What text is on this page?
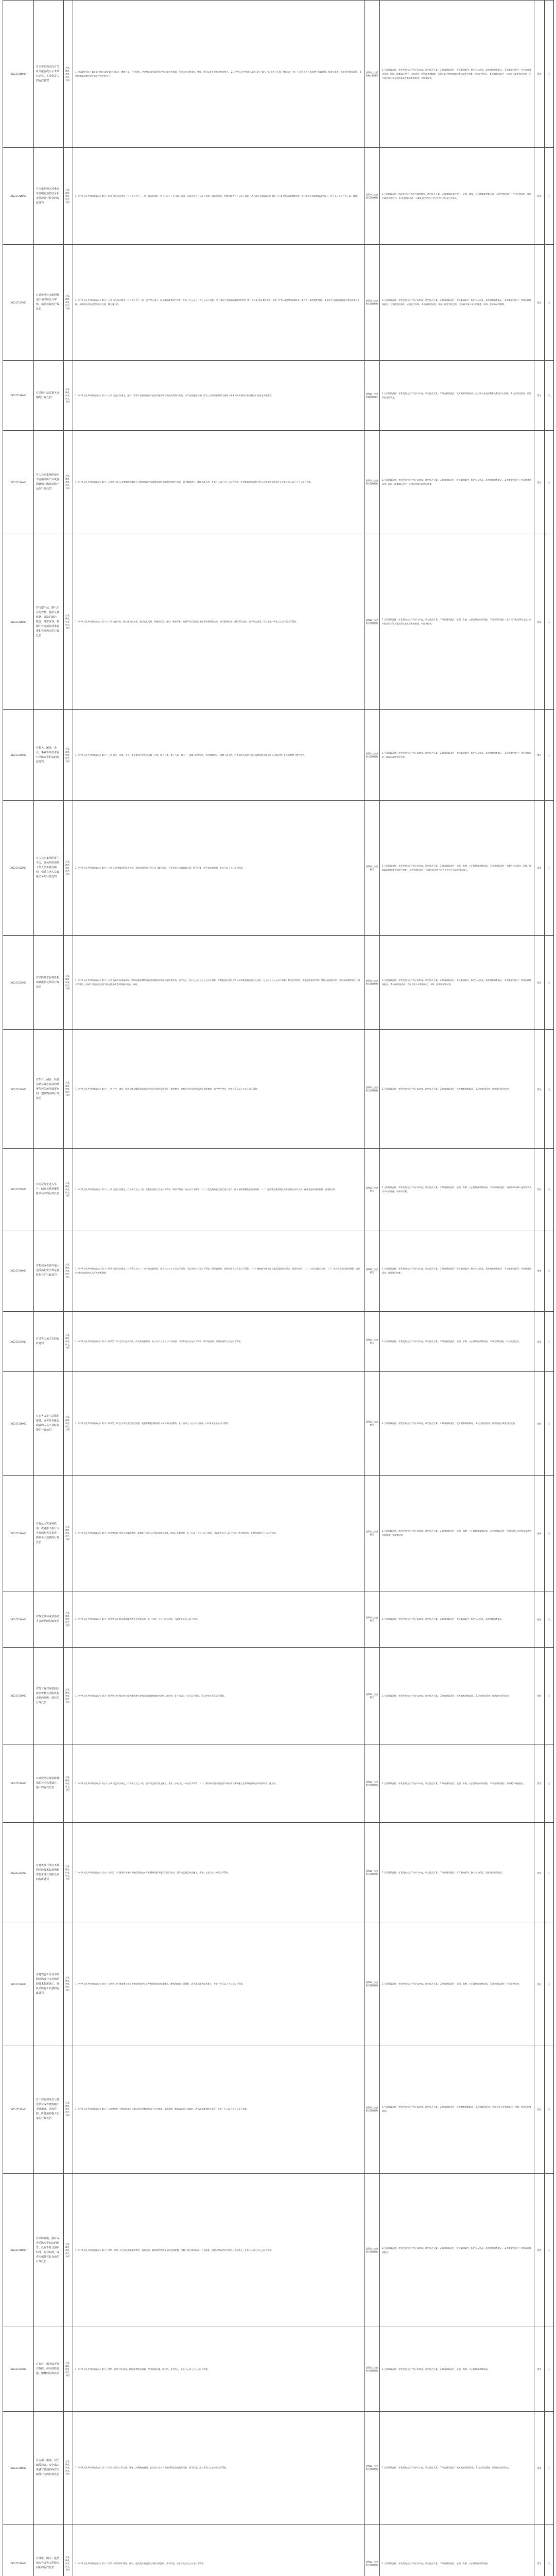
330217215000	对未按照规定向有关机关报告或公示本单位名称、主要负责人的行政处罚	立案、调查、审查、决定、执行	1.《行政处罚法》第五条 实施行政处罚应当依法，遵循公正、公开原则。设定和实施行政处罚必须以事实为依据，与违法行为的事实、性质、情节以及社会危害程度相当。 2.《中华人民共和国行政许可法》第八十条 被许可人有下列行为之一的，行政机关应当依法给予行政处罚；构成犯罪的，依法追究刑事责任。 3.其他违反法律法规规章文件规定的行为。	县级以上人民政府主管部门	1.立案阶段责任：对发现的违法行为予以审查，决定是否立案。 2.调查阶段责任：对立案的案件，指定专人负责，及时组织调查取证。 3.审查阶段责任：应对案件违法事实、证据、调查取证程序、法律适用、处罚种类和幅度、当事人陈述和申辩理由等方面进行审查，提出处理意见。 4.告知阶段责任：在作出行政处罚决定前，应书面告知当事人违法事实及其享有的陈述、申辩等权利。	罚款	无
330217216000	对未依照规定对重点单位履行消防安全职责情况进行检查的行政处罚	立案、调查、审查、决定、执行	1.《中华人民共和国消防法》第六十四条 违反本法规定，有下列行为之一，尚不构成犯罪的，处十日以上十五日以下拘留，可以并处五百元以下罚款；情节较轻的，处警告或者五百元以下罚款。 2.《浙江省消防条例》第五十二条 违反本条例规定的，由公安机关消防机构责令改正，处五千元以上五万元以下罚款。	县级以上公安机关消防机构	1.立案阶段责任：依法对违法行为进行调查核实，决定是否立案。 2.调查取证阶段责任：全面、客观、公正地调查收集证据。 3.决定阶段责任：作出处理决定，制作行政处罚决定书。 4.送达阶段责任：行政处罚决定书应当在宣告后当场交付当事人。	罚款	无
330217217000	对建设单位未依照规定申请消防设计审核、消防验收的行政处罚	立案、调查、审查、决定、执行	1.《中华人民共和国消防法》第五十八条 违反本法规定，有下列行为之一的，责令停止施工、停止使用或者停产停业，并处三万元以上三十万元以下罚款。 2.《建设工程消防监督管理规定》第三十九条 违反本规定的，依照《中华人民共和国消防法》第五十八条的规定处罚。 3.依法应当进行消防设计审核的建设工程，未经依法审核或者审核不合格，擅自施工的。	县级以上公安机关消防机构	1.立案阶段责任：对发现的违法行为予以审查，决定是否立案。 2.调查阶段责任：对立案的案件，指定专人负责，及时组织调查取证。 3.审查阶段责任：审查案件调查报告，对案件违法事实、证据进行审核。 4.告知阶段责任：作出行政处罚决定前，应告知当事人享有的陈述、申辩、要求听证等权利。	罚款	无
330217218000	对消防产品质量不合格的行政处罚	立案、调查、审查、决定、执行	1.《中华人民共和国消防法》第六十五条 违反本法规定，生产、销售不合格的消防产品或者国家明令淘汰的消防产品的，由产品质量监督部门或者工商行政管理部门依照《中华人民共和国产品质量法》的规定从重处罚。	县级以上产品质量监督部门	1.立案阶段责任：对发现的违法行为予以审查，决定是否立案。 2.调查阶段责任：及时组织调查取证，与当事人有直接利害关系的应当回避。 3.决定阶段责任：依法作出处罚决定。	罚款	无
330217219000	对人员密集场所使用不合格消防产品或者国家明令淘汰消防产品的行政处罚	立案、调查、审查、决定、执行	1.《中华人民共和国消防法》第六十五条第二款 人员密集场所使用不合格的消防产品或者国家明令淘汰的消防产品的，责令限期改正；逾期不改正的，处五千元以上五万元以下罚款，并对其直接负责的主管人员和其他直接责任人员处五百元以上二千元以下罚款。	县级以上公安机关消防机构	1.立案阶段责任：对发现的违法行为予以审查，决定是否立案。 2.调查阶段责任：对立案的案件，指定专人负责，及时组织调查取证。 3.审查阶段责任：对案件违法事实、证据、调查取证程序、法律适用等方面进行审查。	罚款	无
330217220000	对电器产品、燃气用具的安装、使用及其线路、管路的设计、敷设、维护保养、检测不符合消防技术标准和管理规定的行政处罚	立案、调查、审查、决定、执行	1.《中华人民共和国消防法》第六十六条 电器产品、燃气用具的安装、使用及其线路、管路的设计、敷设、维护保养、检测不符合消防技术标准和管理规定的，责令限期改正；逾期不改正的，责令停止使用，可以并处一千元以上五千元以下罚款。	县级以上公安机关消防机构	1.立案阶段责任：对发现的违法行为予以审查，决定是否立案。 2.调查阶段责任：全面、客观、公正地调查收集证据。 3.告知阶段责任：在作出行政处罚决定前，应书面告知当事人违法事实及其享有的陈述、申辩等权利。	罚款	无
330217221000	对机关、团体、企业、事业等单位未履行消防安全职责的行政处罚	立案、调查、审查、决定、执行	1.《中华人民共和国消防法》第六十七条 机关、团体、企业、事业等单位违反本法第十六条、第十七条、第十八条、第二十一条第二款规定的，责令限期改正；逾期不改正的，对其直接负责的主管人员和其他直接责任人员依法给予处分或者给予警告处罚。	县级以上公安机关消防机构	1.立案阶段责任：对发现的违法行为予以审查，决定是否立案。 2.调查阶段责任：对立案的案件，指定专人负责，及时组织调查取证。 3.决定阶段责任：作出处理决定，制作行政处罚决定书。	警告	无
330217222000	对人员密集场所发生火灾，该场所的现场工作人员不履行组织、引导在场人员疏散义务的行政处罚	立案、调查、审查、决定、执行	1.《中华人民共和国消防法》第六十八条 人员密集场所发生火灾，该场所的现场工作人员不履行组织、引导在场人员疏散的义务，情节严重，尚不构成犯罪的，处五日以上十日以下拘留。	县级以上公安机关	1.立案阶段责任：对发现的违法行为予以审查，决定是否立案。 2.调查阶段责任：全面、客观、公正地调查收集证据。 3.审查阶段责任：对案件违法事实、证据、调查取证程序等方面进行审查。 4.送达阶段责任：行政处罚决定书应当在宣告后当场交付当事人。	拘留	无
330217223000	对消防技术服务机构出具虚假文件的行政处罚	立案、调查、审查、决定、执行	1.《中华人民共和国消防法》第六十九条 消防产品质量认证、消防设施检测等消防技术服务机构出具虚假文件的，责令改正，处五万元以上十万元以下罚款，并对直接负责的主管人员和其他直接责任人员处一万元以上五万元以下罚款；有违法所得的，并处没收违法所得；给他人造成损失的，依法承担赔偿责任；情节严重的，由原许可机关依法责令停止执业或者吊销相应资质、资格。	县级以上公安机关消防机构	1.立案阶段责任：对发现的违法行为予以审查，决定是否立案。 2.调查阶段责任：对立案的案件，指定专人负责，及时组织调查取证。 3.审查阶段责任：审查案件调查报告。 4.告知阶段责任：告知当事人享有的陈述、申辩、要求听证等权利。	罚款	无
330217224000	对生产、储存、经营易燃易爆危险品的场所与居住场所设置在同一建筑物内的行政处罚	立案、调查、审查、决定、执行	1.《中华人民共和国消防法》第六十一条 生产、储存、经营易燃易爆危险品的场所与居住场所设置在同一建筑物内，或者未与居住场所保持安全距离的，责令停产停业，并处五千元以上五万元以下罚款。	县级以上公安机关消防机构	1.立案阶段责任：对发现的违法行为予以审查，决定是否立案。 2.调查阶段责任：及时组织调查取证。 3.决定阶段责任：依法作出处罚决定。	罚款	无
330217225000	对违反规定进入生产、储存易燃易爆危险品场所的行政处罚	立案、调查、审查、决定、执行	1.《中华人民共和国消防法》第六十三条 违反本法规定，有下列行为之一的，处警告或者五百元以下罚款；情节严重的，处五日以下拘留：（一）违反消防安全规定进入生产、储存易燃易爆危险品场所的；（二）违反规定使用明火作业或者在具有火灾、爆炸危险的场所吸烟、使用明火的。	县级以上公安机关	1.立案阶段责任：对发现的违法行为予以审查，决定是否立案。 2.调查阶段责任：全面、客观、公正地调查收集证据。 3.告知阶段责任：书面告知当事人违法事实及其享有的陈述、申辩等权利。	罚款	无
330217226000	对指使或者强令他人违反消防安全规定冒险作业的行政处罚	立案、调查、审查、决定、执行	1.《中华人民共和国消防法》第六十四条 违反本法规定，有下列行为之一，尚不构成犯罪的，处十日以上十五日以下拘留，可以并处五百元以下罚款；情节较轻的，处警告或者五百元以下罚款：（一）指使或者强令他人违反消防安全规定，冒险作业的；（二）过失引起火灾的；（三）在火灾发生后阻拦报警，或者负有报告职责的人员不及时报警的。	县级以上公安机关	1.立案阶段责任：对发现的违法行为予以审查，决定是否立案。 2.调查阶段责任：对立案的案件，指定专人负责，及时组织调查取证。 3.审查阶段责任：对案件违法事实、证据进行审查。	拘留	无
330217227000	对过失引起火灾的行政处罚	立案、调查、审查、决定、执行	1.《中华人民共和国消防法》第六十四条第二项 过失引起火灾的，尚不构成犯罪的，处十日以上十五日以下拘留，可以并处五百元以下罚款；情节较轻的，处警告或者五百元以下罚款。	县级以上公安机关	1.立案阶段责任：对发现的违法行为予以审查，决定是否立案。 2.调查阶段责任：全面、客观、公正地调查收集证据。 3.决定阶段责任：作出处理决定。	拘留	无
330217228000	对在火灾发生后阻拦报警，或者负有报告职责的人员不及时报警的行政处罚	立案、调查、审查、决定、执行	1.《中华人民共和国消防法》第六十四条第三项 在火灾发生后阻拦报警，或者负有报告职责的人员不及时报警的，处十日以上十五日以下拘留，可以并处五百元以下罚款。	县级以上公安机关	1.立案阶段责任：对发现的违法行为予以审查，决定是否立案。 2.调查阶段责任：及时组织调查取证。 3.送达阶段责任：依法送达行政处罚决定书。	拘留	无
330217229000	对扰乱火灾现场秩序，或者拒不执行火灾现场指挥员指挥，影响灭火救援的行政处罚	立案、调查、审查、决定、执行	1.《中华人民共和国消防法》第六十四条第四项 扰乱火灾现场秩序，或者拒不执行火灾现场指挥员指挥，影响灭火救援的，处十日以上十五日以下拘留，可以并处五百元以下罚款；情节较轻的，处警告或者五百元以下罚款。	县级以上公安机关	1.立案阶段责任：对发现的违法行为予以审查，决定是否立案。 2.调查阶段责任：全面、客观、公正地调查收集证据。 3.告知阶段责任：告知当事人违法事实及其享有的陈述、申辩等权利。	拘留	无
330217230000	对故意破坏或者伪造火灾现场的行政处罚	立案、调查、审查、决定、执行	1.《中华人民共和国消防法》第六十四条第五项 故意破坏或者伪造火灾现场的，处十日以上十五日以下拘留，可以并处五百元以下罚款。	县级以上公安机关	1.立案阶段责任：对发现的违法行为予以审查，决定是否立案。 2.调查阶段责任：对立案的案件，指定专人负责，及时组织调查取证。	拘留	无
330217231000	对擅自拆封或者使用被公安机关消防机构查封的场所、部位的行政处罚	立案、调查、审查、决定、执行	1.《中华人民共和国消防法》第六十四条第六项 擅自拆封或者使用被公安机关消防机构查封的场所、部位的，处十日以上十五日以下拘留，可以并处五百元以下罚款。	县级以上公安机关	1.立案阶段责任：对发现的违法行为予以审查，决定是否立案。 2.调查阶段责任：及时组织调查取证。 3.决定阶段责任：依法作出处罚决定。	拘留	无
330217232000	对建设单位要求降低消防技术标准设计、施工的行政处罚	立案、调查、审查、决定、执行	1.《中华人民共和国消防法》第五十九条 违反本法规定，有下列行为之一的，责令改正或者停止施工，并处一万元以上十万元以下罚款：（一）建设单位要求建筑设计单位或者建筑施工企业降低消防技术标准设计、施工的。	县级以上公安机关消防机构	1.立案阶段责任：对发现的违法行为予以审查，决定是否立案。 2.调查阶段责任：全面、客观、公正地调查收集证据。 3.审查阶段责任：审查案件调查报告。	罚款	无
330217233000	对建筑设计单位不按照消防技术标准强制性要求进行消防设计的行政处罚	立案、调查、审查、决定、执行	1.《中华人民共和国消防法》第五十九条第二项 建筑设计单位不按照消防技术标准强制性要求进行消防设计的，责令改正或者停止施工，并处一万元以上十万元以下罚款。	县级以上公安机关消防机构	1.立案阶段责任：对发现的违法行为予以审查，决定是否立案。 2.调查阶段责任：对立案的案件，指定专人负责，及时组织调查取证。	罚款	无
330217234000	对建筑施工企业不按照消防设计文件和消防技术标准施工，降低消防施工质量的行政处罚	立案、调查、审查、决定、执行	1.《中华人民共和国消防法》第五十九条第三项 建筑施工企业不按照消防设计文件和消防技术标准施工，降低消防施工质量的，责令改正或者停止施工，并处一万元以上十万元以下罚款。	县级以上公安机关消防机构	1.立案阶段责任：对发现的违法行为予以审查，决定是否立案。 2.调查阶段责任：全面、客观、公正地调查收集证据。 3.决定阶段责任：作出处理决定。	罚款	无
330217235000	对工程监理单位与建设单位或者建筑施工企业串通，弄虚作假，降低消防施工质量的行政处罚	立案、调查、审查、决定、执行	1.《中华人民共和国消防法》第五十九条第四项 工程监理单位与建设单位或者建筑施工企业串通，弄虚作假，降低消防施工质量的，责令改正或者停止施工，并处一万元以上十万元以下罚款。	县级以上公安机关消防机构	1.立案阶段责任：对发现的违法行为予以审查，决定是否立案。 2.调查阶段责任：及时组织调查取证。 3.告知阶段责任：告知当事人享有的陈述、申辩、要求听证等权利。	罚款	无
330217236000	对消防设施、器材或者消防安全标志的配置、设置不符合国家标准、行业标准，或者未保持完好有效的行政处罚	立案、调查、审查、决定、执行	1.《中华人民共和国消防法》第六十条第一款第一项 单位违反本法规定，消防设施、器材或者消防安全标志的配置、设置不符合国家标准、行业标准，或者未保持完好有效的，责令改正，处五千元以上五万元以下罚款。	县级以上公安机关消防机构	1.立案阶段责任：对发现的违法行为予以审查，决定是否立案。 2.调查阶段责任：对立案的案件，指定专人负责，及时组织调查取证。 3.审查阶段责任：审查案件调查报告。	罚款	无
330217237000	对损坏、挪用或者擅自拆除、停用消防设施、器材的行政处罚	立案、调查、审查、决定、执行	1.《中华人民共和国消防法》第六十条第一款第二项 损坏、挪用或者擅自拆除、停用消防设施、器材的，责令改正，处五千元以上五万元以下罚款。	县级以上公安机关消防机构	1.立案阶段责任：对发现的违法行为予以审查，决定是否立案。 2.调查阶段责任：全面、客观、公正地调查收集证据。	罚款	无
330217238000	对占用、堵塞、封闭疏散通道、安全出口或者有其他妨碍安全疏散行为的行政处罚	立案、调查、审查、决定、执行	1.《中华人民共和国消防法》第六十条第一款第三项 占用、堵塞、封闭疏散通道、安全出口或者有其他妨碍安全疏散行为的，责令改正，处五千元以上五万元以下罚款。	县级以上公安机关消防机构	1.立案阶段责任：对发现的违法行为予以审查，决定是否立案。 2.调查阶段责任：及时组织调查取证。 3.决定阶段责任：依法作出处罚决定。	罚款	无
330217239000	对埋压、圈占、遮挡消火栓或者占用防火间距的行政处罚	立案、调查、审查、决定、执行	1.《中华人民共和国消防法》第六十条第一款第四项 埋压、圈占、遮挡消火栓或者占用防火间距的，责令改正，处五千元以上五万元以下罚款。	县级以上公安机关消防机构	1.立案阶段责任：对发现的违法行为予以审查，决定是否立案。 2.调查阶段责任：全面、客观、公正地调查收集证据。	罚款	无
